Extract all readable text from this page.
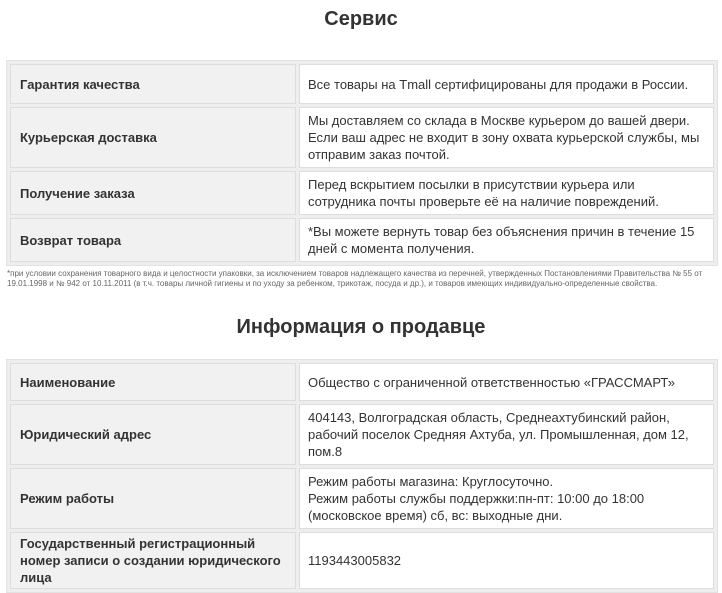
Сервис
Гарантия качества	Все товары на Tmall сертифицированы для продажи в России.
Курьерская доставка	Мы доставляем со склада в Москве курьером до вашей двери. Если ваш адрес не входит в зону охвата курьерской службы, мы отправим заказ почтой.
Получение заказа	Перед вскрытием посылки в присутствии курьера или сотрудника почты проверьте её на наличие повреждений.
Возврат товара	*Вы можете вернуть товар без объяснения причин в течение 15 дней с момента получения.
*при условии сохранения товарного вида и целостности упаковки, за исключением товаров надлежащего качества из перечней, утвержденных Постановлениями Правительства № 55 от 19.01.1998 и № 942 от 10.11.2011 (в т.ч. товары личной гигиены и по уходу за ребенком, трикотаж, посуда и др.), и товаров имеющих индивидуально-определенные свойства.
Информация о продавце
Наименование	Общество с ограниченной ответственностью «ГРАССМАРТ»
Юридический адрес	404143, Волгоградская область, Среднеахтубинский район, рабочий поселок Средняя Ахтуба, ул. Промышленная, дом 12, пом.8
Режим работы	Режим работы магазина: Круглосуточно.
Режим работы службы поддержки:пн-пт: 10:00 до 18:00 (московское время) сб, вс: выходные дни.

Государственный регистрационный номер записи о создании юридического лица	1193443005832
